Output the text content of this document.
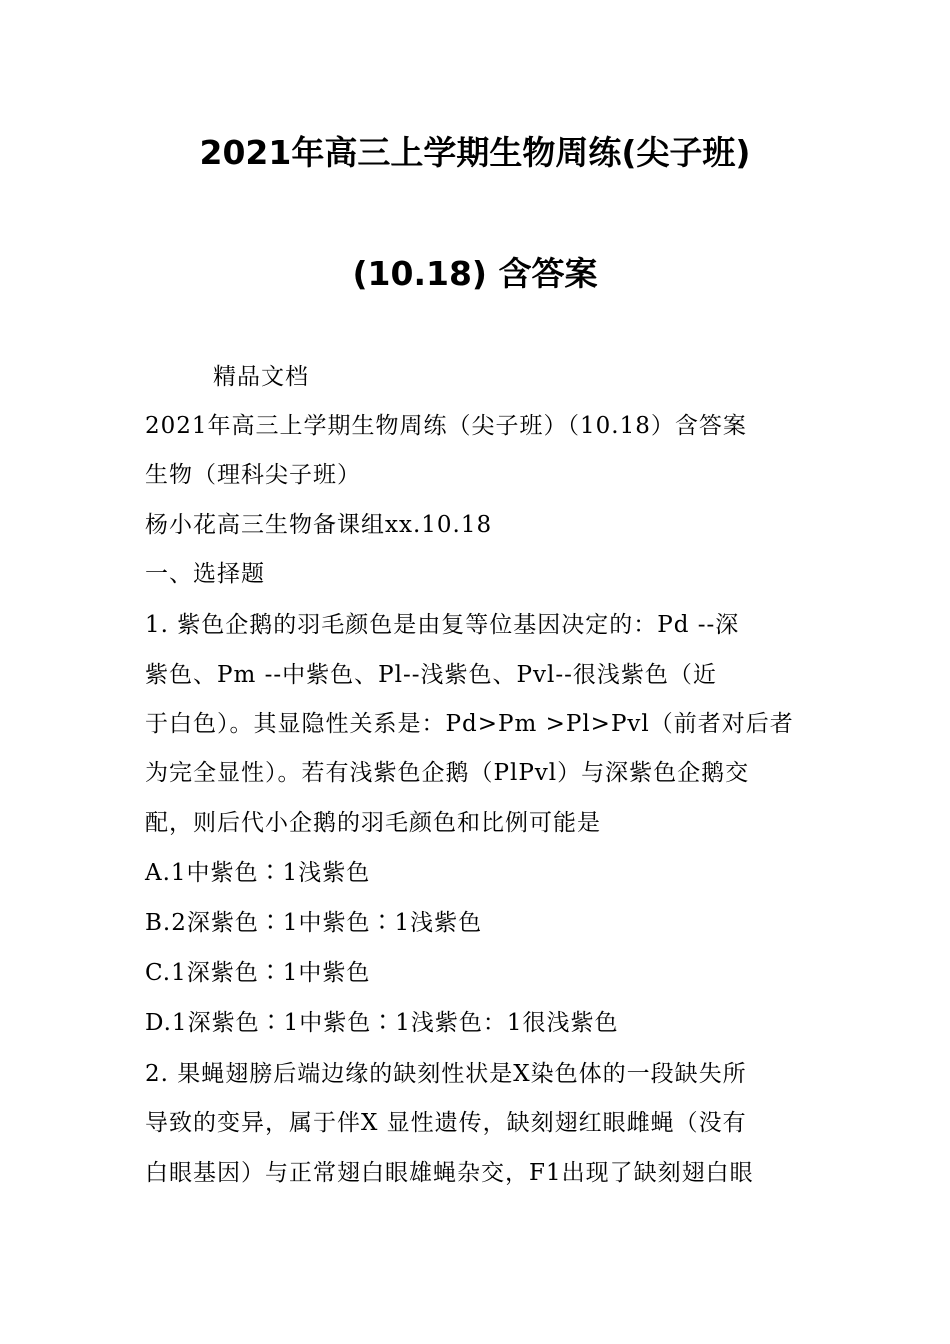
2021年高三上学期生物周练(尖子班)
(10.18) 含答案

精品文档

2021年高三上学期生物周练（尖子班）（10.18）含答案

生物（理科尖子班）

杨小花高三生物备课组xx.10.18

一、选择题

1. 紫色企鹅的羽毛颜色是由复等位基因决定的：Pd --深

紫色、Pm --中紫色、Pl--浅紫色、Pvl--很浅紫色（近

于白色）。其显隐性关系是：Pd>Pm >Pl>Pvl（前者对后者

为完全显性）。若有浅紫色企鹅（PlPvl）与深紫色企鹅交

配，则后代小企鹅的羽毛颜色和比例可能是

A.1中紫色∶1浅紫色

B.2深紫色∶1中紫色∶1浅紫色

C.1深紫色∶1中紫色

D.1深紫色∶1中紫色∶1浅紫色：1很浅紫色

2. 果蝇翅膀后端边缘的缺刻性状是X染色体的一段缺失所

导致的变异，属于伴X 显性遗传，缺刻翅红眼雌蝇（没有

白眼基因）与正常翅白眼雄蝇杂交，F1出现了缺刻翅白眼
